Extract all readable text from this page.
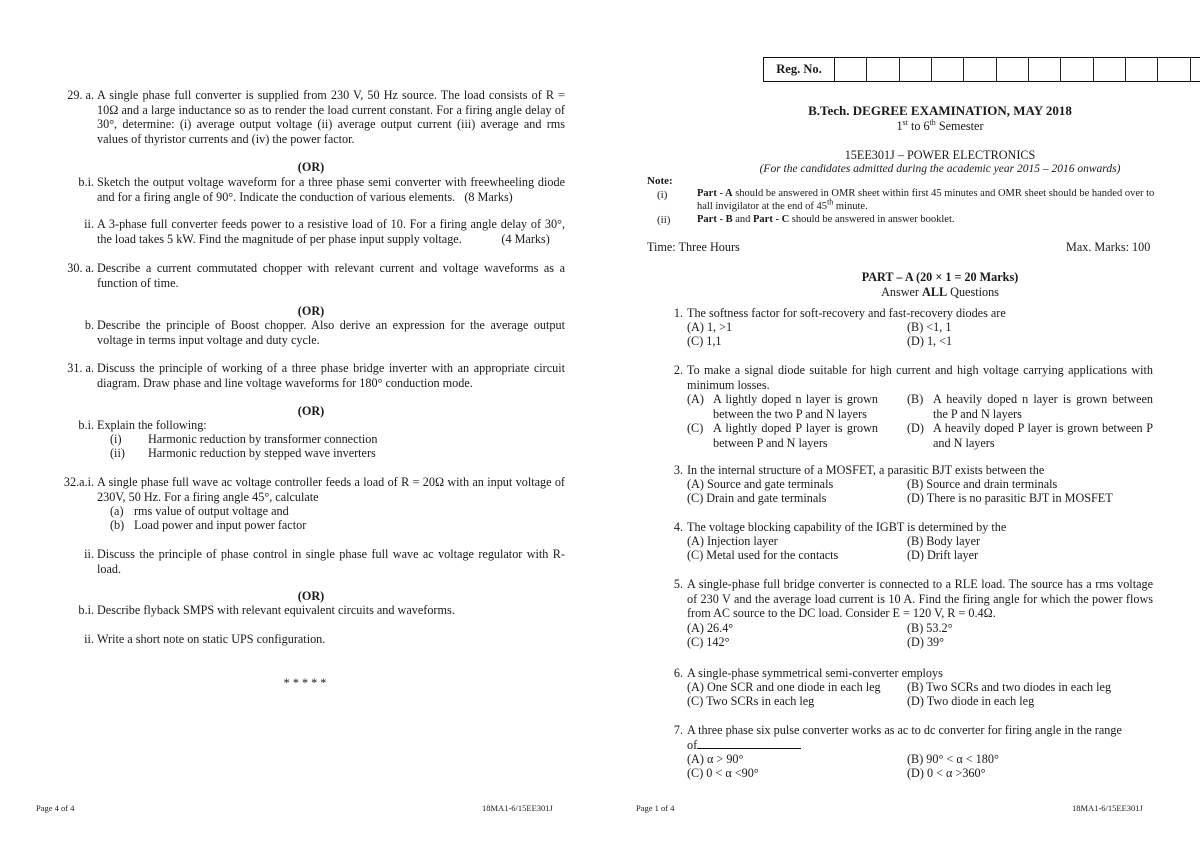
29. a. A single phase full converter is supplied from 230 V, 50 Hz source. The load consists of R = 10Ω and a large inductance so as to render the load current constant. For a firing angle delay of 30°, determine: (i) average output voltage (ii) average output current (iii) average and rms values of thyristor currents and (iv) the power factor.
(OR)
b.i. Sketch the output voltage waveform for a three phase semi converter with freewheeling diode and for a firing angle of 90°. Indicate the conduction of various elements. (8 Marks)
ii. A 3-phase full converter feeds power to a resistive load of 10. For a firing angle delay of 30°, the load takes 5 kW. Find the magnitude of per phase input supply voltage.	(4 Marks)
30. a. Describe a current commutated chopper with relevant current and voltage waveforms as a function of time.
(OR)
b. Describe the principle of Boost chopper. Also derive an expression for the average output voltage in terms input voltage and duty cycle.
31. a. Discuss the principle of working of a three phase bridge inverter with an appropriate circuit diagram. Draw phase and line voltage waveforms for 180° conduction mode.
(OR)
b.i. Explain the following:
(i) Harmonic reduction by transformer connection
(ii) Harmonic reduction by stepped wave inverters
32.a.i. A single phase full wave ac voltage controller feeds a load of R = 20Ω with an input voltage of 230V, 50 Hz. For a firing angle 45°, calculate
(a) rms value of output voltage and
(b) Load power and input power factor
ii. Discuss the principle of phase control in single phase full wave ac voltage regulator with R-load.
(OR)
b.i. Describe flyback SMPS with relevant equivalent circuits and waveforms.
ii. Write a short note on static UPS configuration.
* * * * *
Page 4 of 4	18MA1-6/15EE301J
Reg. No.
B.Tech. DEGREE EXAMINATION, MAY 2018
1st to 6th Semester
15EE301J – POWER ELECTRONICS
(For the candidates admitted during the academic year 2015 – 2016 onwards)
Note:
(i)	Part - A should be answered in OMR sheet within first 45 minutes and OMR sheet should be handed over to hall invigilator at the end of 45th minute.
(ii)	Part - B and Part - C should be answered in answer booklet.
Time: Three Hours	Max. Marks: 100
PART – A (20 × 1 = 20 Marks)
Answer ALL Questions
1. The softness factor for soft-recovery and fast-recovery diodes are
(A) 1, >1	(B) <1, 1
(C) 1,1	(D) 1, <1
2. To make a signal diode suitable for high current and high voltage carrying applications with minimum losses.
(A) A lightly doped n layer is grown between the two P and N layers
(B) A heavily doped n layer is grown between the P and N layers
(C) A lightly doped P layer is grown between P and N layers
(D) A heavily doped P layer is grown between P and N layers
3. In the internal structure of a MOSFET, a parasitic BJT exists between the
(A) Source and gate terminals	(B) Source and drain terminals
(C) Drain and gate terminals	(D) There is no parasitic BJT in MOSFET
4. The voltage blocking capability of the IGBT is determined by the
(A) Injection layer	(B) Body layer
(C) Metal used for the contacts	(D) Drift layer
5. A single-phase full bridge converter is connected to a RLE load. The source has a rms voltage of 230 V and the average load current is 10 A. Find the firing angle for which the power flows from AC source to the DC load. Consider E = 120 V, R = 0.4Ω.
(A) 26.4°	(B) 53.2°
(C) 142°	(D) 39°
6. A single-phase symmetrical semi-converter employs
(A) One SCR and one diode in each leg (B) Two SCRs and two diodes in each leg
(C) Two SCRs in each leg	(D) Two diode in each leg
7. A three phase six pulse converter works as ac to dc converter for firing angle in the range
of
(A) α > 90°	(B) 90° < α < 180°
(C) 0 < α <90°	(D) 0 < α >360°
Page 1 of 4	18MA1-6/15EE301J
